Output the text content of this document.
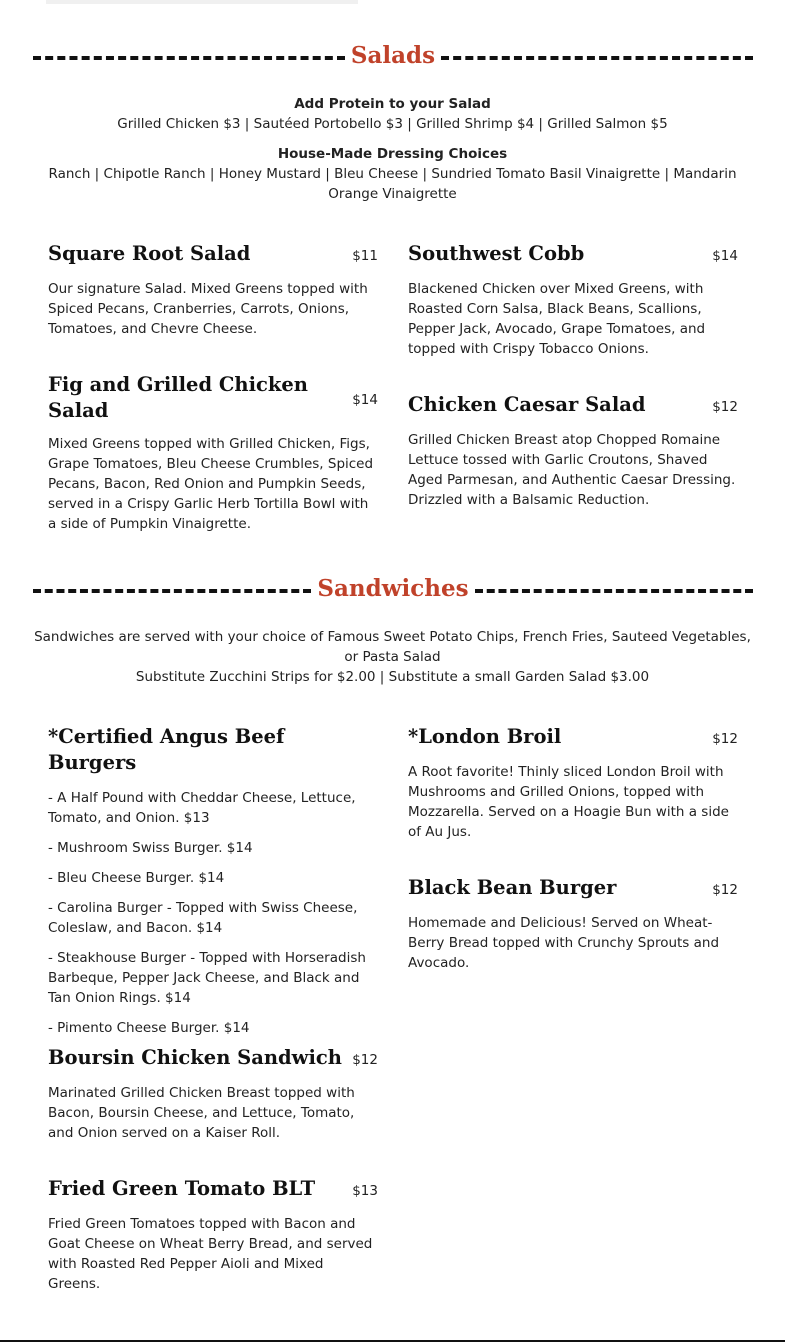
Salads
Add Protein to your Salad
Grilled Chicken $3 | Sautéed Portobello $3 | Grilled Shrimp $4 | Grilled Salmon $5
House-Made Dressing Choices
Ranch | Chipotle Ranch | Honey Mustard | Bleu Cheese | Sundried Tomato Basil Vinaigrette | Mandarin Orange Vinaigrette
$11
Square Root Salad
Our signature Salad. Mixed Greens topped with Spiced Pecans, Cranberries, Carrots, Onions, Tomatoes, and Chevre Cheese.
$14
Southwest Cobb
Blackened Chicken over Mixed Greens, with Roasted Corn Salsa, Black Beans, Scallions, Pepper Jack, Avocado, Grape Tomatoes, and topped with Crispy Tobacco Onions.
$14
Fig and Grilled Chicken Salad
Mixed Greens topped with Grilled Chicken, Figs, Grape Tomatoes, Bleu Cheese Crumbles, Spiced Pecans, Bacon, Red Onion and Pumpkin Seeds, served in a Crispy Garlic Herb Tortilla Bowl with a side of Pumpkin Vinaigrette.
$12
Chicken Caesar Salad
Grilled Chicken Breast atop Chopped Romaine Lettuce tossed with Garlic Croutons, Shaved Aged Parmesan, and Authentic Caesar Dressing. Drizzled with a Balsamic Reduction.
Sandwiches
Sandwiches are served with your choice of Famous Sweet Potato Chips, French Fries, Sauteed Vegetables, or Pasta Salad
Substitute Zucchini Strips for $2.00 | Substitute a small Garden Salad $3.00
*Certified Angus Beef Burgers
- A Half Pound with Cheddar Cheese, Lettuce, Tomato, and Onion. $13
- Mushroom Swiss Burger. $14
- Bleu Cheese Burger. $14
- Carolina Burger - Topped with Swiss Cheese, Coleslaw, and Bacon. $14
- Steakhouse Burger - Topped with Horseradish Barbeque, Pepper Jack Cheese, and Black and Tan Onion Rings. $14
- Pimento Cheese Burger. $14
$12
*London Broil
A Root favorite! Thinly sliced London Broil with Mushrooms and Grilled Onions, topped with Mozzarella. Served on a Hoagie Bun with a side of Au Jus.
$12
Black Bean Burger
Homemade and Delicious! Served on Wheat-Berry Bread topped with Crunchy Sprouts and Avocado.
$12
Boursin Chicken Sandwich
Marinated Grilled Chicken Breast topped with Bacon, Boursin Cheese, and Lettuce, Tomato, and Onion served on a Kaiser Roll.
$13
Fried Green Tomato BLT
Fried Green Tomatoes topped with Bacon and Goat Cheese on Wheat Berry Bread, and served with Roasted Red Pepper Aioli and Mixed Greens.
